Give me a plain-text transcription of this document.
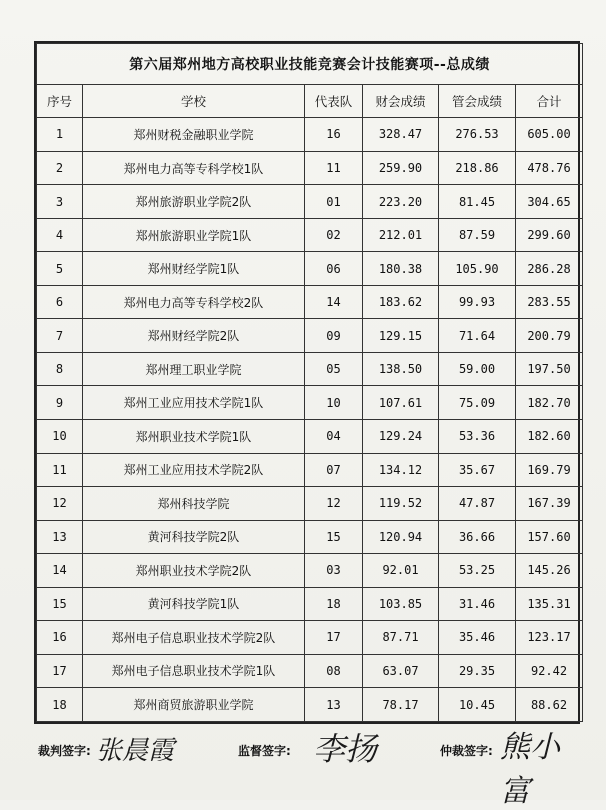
第六届郑州地方高校职业技能竞赛会计技能赛项--总成绩					
序号	学校	代表队	财会成绩	管会成绩	合计
1	郑州财税金融职业学院	16	328.47	276.53	605.00
2	郑州电力高等专科学校1队	11	259.90	218.86	478.76
3	郑州旅游职业学院2队	01	223.20	81.45	304.65
4	郑州旅游职业学院1队	02	212.01	87.59	299.60
5	郑州财经学院1队	06	180.38	105.90	286.28
6	郑州电力高等专科学校2队	14	183.62	99.93	283.55
7	郑州财经学院2队	09	129.15	71.64	200.79
8	郑州理工职业学院	05	138.50	59.00	197.50
9	郑州工业应用技术学院1队	10	107.61	75.09	182.70
10	郑州职业技术学院1队	04	129.24	53.36	182.60
11	郑州工业应用技术学院2队	07	134.12	35.67	169.79
12	郑州科技学院	12	119.52	47.87	167.39
13	黄河科技学院2队	15	120.94	36.66	157.60
14	郑州职业技术学院2队	03	92.01	53.25	145.26
15	黄河科技学院1队	18	103.85	31.46	135.31
16	郑州电子信息职业技术学院2队	17	87.71	35.46	123.17
17	郑州电子信息职业技术学院1队	08	63.07	29.35	92.42
18	郑州商贸旅游职业学院	13	78.17	10.45	88.62
裁判签字: 张晨霞	监督签字: 李扬	仲裁签字: 熊小富
